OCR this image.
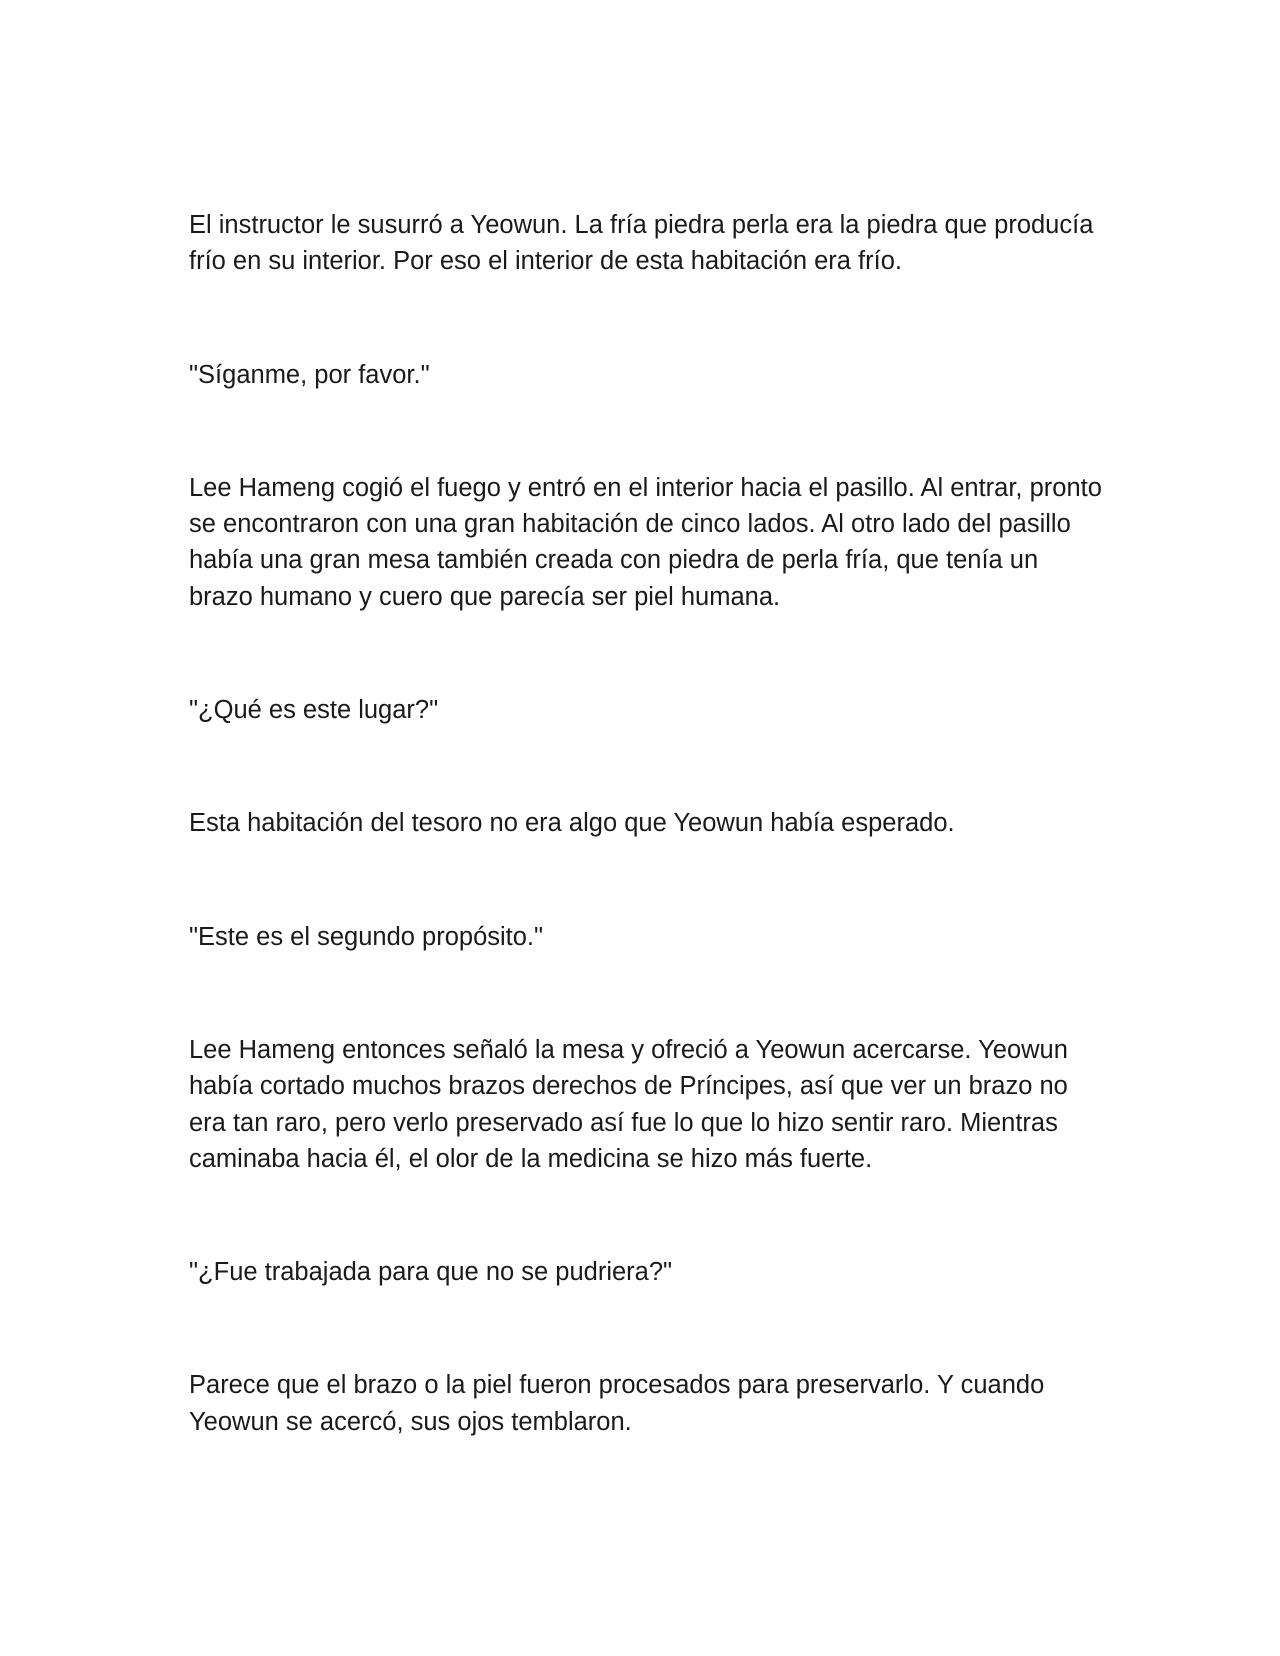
El instructor le susurró a Yeowun. La fría piedra perla era la piedra que producía frío en su interior. Por eso el interior de esta habitación era frío.

"Síganme, por favor."

Lee Hameng cogió el fuego y entró en el interior hacia el pasillo. Al entrar, pronto se encontraron con una gran habitación de cinco lados. Al otro lado del pasillo había una gran mesa también creada con piedra de perla fría, que tenía un brazo humano y cuero que parecía ser piel humana.

"¿Qué es este lugar?"

Esta habitación del tesoro no era algo que Yeowun había esperado.

"Este es el segundo propósito."

Lee Hameng entonces señaló la mesa y ofreció a Yeowun acercarse. Yeowun había cortado muchos brazos derechos de Príncipes, así que ver un brazo no era tan raro, pero verlo preservado así fue lo que lo hizo sentir raro. Mientras caminaba hacia él, el olor de la medicina se hizo más fuerte.

"¿Fue trabajada para que no se pudriera?"

Parece que el brazo o la piel fueron procesados para preservarlo. Y cuando Yeowun se acercó, sus ojos temblaron.
